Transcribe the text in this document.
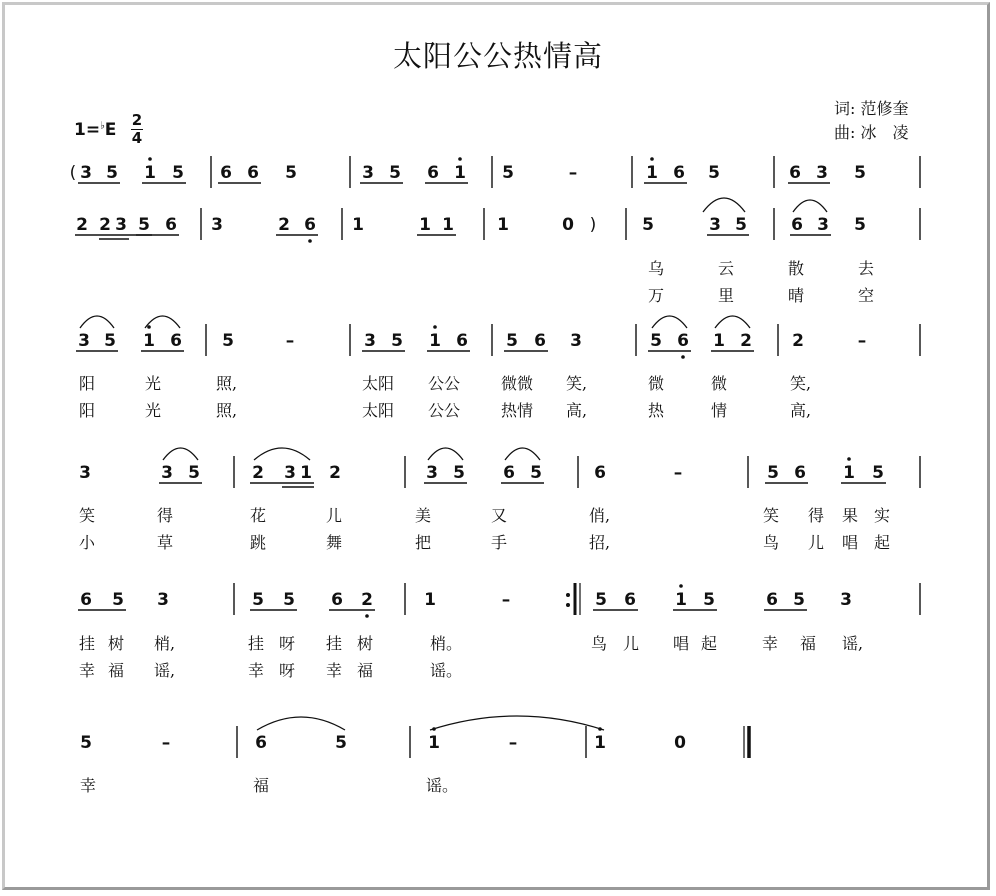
太阳公公热情高
词: 范修奎
曲: 冰　凌
1=♭E 2
4
( 3 5 1 5 6 6 5	3 5 6 1 5	–	1 6 5	6 3 5
2 2 3 5 6 3	2 6 1	1 1	1	0 )	5	3 5	6 3 5
乌	云	散	去
万	里	晴	空
3 5 1 6 5	–	3 5 1 6 5 6 3	5 6 1 2 2	–
阳	光	照,	太阳 公公	微微 笑,	微	微	笑,
阳	光	照,	太阳 公公	热情 高,	热	情	高,
3	3 5	2 3 1 2	3 5 6 5	6	–	5 6 1 5
笑	得	花	儿	美	又	俏,	笑 得 果 实
小	草	跳	舞	把	手	招,	鸟 儿 唱 起
6 5 3	5 5 6 2	1	–	5 6 1 5	6 5 3
挂 树 梢,	挂 呀 挂 树	梢。	鸟 儿 唱 起	幸 福 谣,
幸 福 谣,	幸 呀 幸 福	谣。
5	–	6	5	1	–	1	0
幸	福	谣。
